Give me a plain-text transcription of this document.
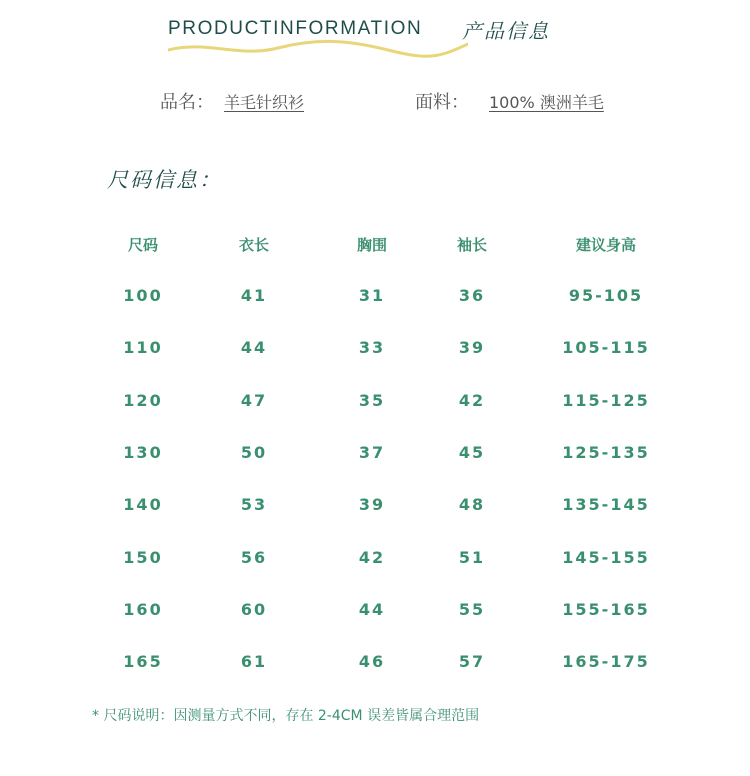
PRODUCTINFORMATION 产品信息
品名： 羊毛针织衫	面料： 100% 澳洲羊毛
尺码信息：
尺码	衣长	胸围	袖长	建议身高
100	41	31	36	95-105
110	44	33	39	105-115
120	47	35	42	115-125
130	50	37	45	125-135
140	53	39	48	135-145
150	56	42	51	145-155
160	60	44	55	155-165
165	61	46	57	165-175
* 尺码说明：因测量方式不同，存在 2-4CM 误差皆属合理范围
